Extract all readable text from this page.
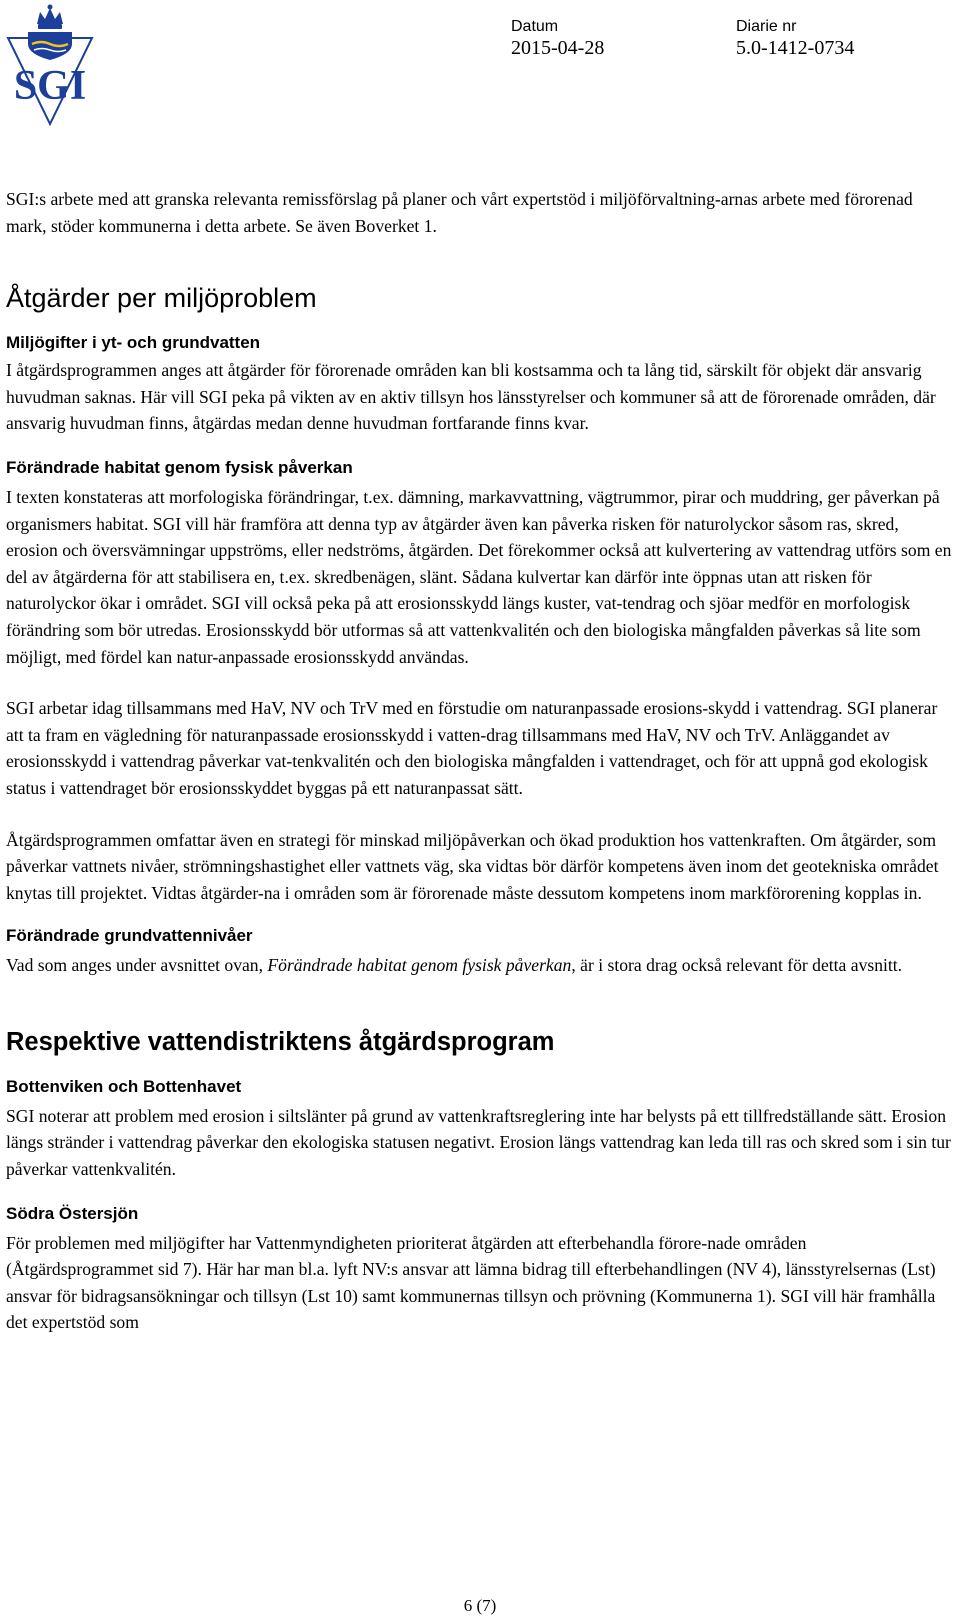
SGI
Datum
2015-04-28
Diarie nr
5.0-1412-0734

SGI:s arbete med att granska relevanta remissförslag på planer och vårt expertstöd i miljöförvaltning-arnas arbete med förorenad mark, stöder kommunerna i detta arbete. Se även Boverket 1.

Åtgärder per miljöproblem
Miljögifter i yt- och grundvatten

I åtgärdsprogrammen anges att åtgärder för förorenade områden kan bli kostsamma och ta lång tid, särskilt för objekt där ansvarig huvudman saknas. Här vill SGI peka på vikten av en aktiv tillsyn hos länsstyrelser och kommuner så att de förorenade områden, där ansvarig huvudman finns, åtgärdas medan denne huvudman fortfarande finns kvar.

Förändrade habitat genom fysisk påverkan

I texten konstateras att morfologiska förändringar, t.ex. dämning, markavvattning, vägtrummor, pirar och muddring, ger påverkan på organismers habitat. SGI vill här framföra att denna typ av åtgärder även kan påverka risken för naturolyckor såsom ras, skred, erosion och översvämningar uppströms, eller nedströms, åtgärden. Det förekommer också att kulvertering av vattendrag utförs som en del av åtgärderna för att stabilisera en, t.ex. skredbenägen, slänt. Sådana kulvertar kan därför inte öppnas utan att risken för naturolyckor ökar i området. SGI vill också peka på att erosionsskydd längs kuster, vat-tendrag och sjöar medför en morfologisk förändring som bör utredas. Erosionsskydd bör utformas så att vattenkvalitén och den biologiska mångfalden påverkas så lite som möjligt, med fördel kan natur-anpassade erosionsskydd användas.

SGI arbetar idag tillsammans med HaV, NV och TrV med en förstudie om naturanpassade erosions-skydd i vattendrag. SGI planerar att ta fram en vägledning för naturanpassade erosionsskydd i vatten-drag tillsammans med HaV, NV och TrV. Anläggandet av erosionsskydd i vattendrag påverkar vat-tenkvalitén och den biologiska mångfalden i vattendraget, och för att uppnå god ekologisk status i vattendraget bör erosionsskyddet byggas på ett naturanpassat sätt.

Åtgärdsprogrammen omfattar även en strategi för minskad miljöpåverkan och ökad produktion hos vattenkraften. Om åtgärder, som påverkar vattnets nivåer, strömningshastighet eller vattnets väg, ska vidtas bör därför kompetens även inom det geotekniska området knytas till projektet. Vidtas åtgärder-na i områden som är förorenade måste dessutom kompetens inom markförorening kopplas in.

Förändrade grundvattennivåer

Vad som anges under avsnittet ovan, Förändrade habitat genom fysisk påverkan, är i stora drag också relevant för detta avsnitt.

Respektive vattendistriktens åtgärdsprogram
Bottenviken och Bottenhavet

SGI noterar att problem med erosion i siltslänter på grund av vattenkraftsreglering inte har belysts på ett tillfredställande sätt. Erosion längs stränder i vattendrag påverkar den ekologiska statusen negativt. Erosion längs vattendrag kan leda till ras och skred som i sin tur påverkar vattenkvalitén.

Södra Östersjön

För problemen med miljögifter har Vattenmyndigheten prioriterat åtgärden att efterbehandla förore-nade områden (Åtgärdsprogrammet sid 7). Här har man bl.a. lyft NV:s ansvar att lämna bidrag till efterbehandlingen (NV 4), länsstyrelsernas (Lst) ansvar för bidragsansökningar och tillsyn (Lst 10) samt kommunernas tillsyn och prövning (Kommunerna 1). SGI vill här framhålla det expertstöd som

6 (7)
